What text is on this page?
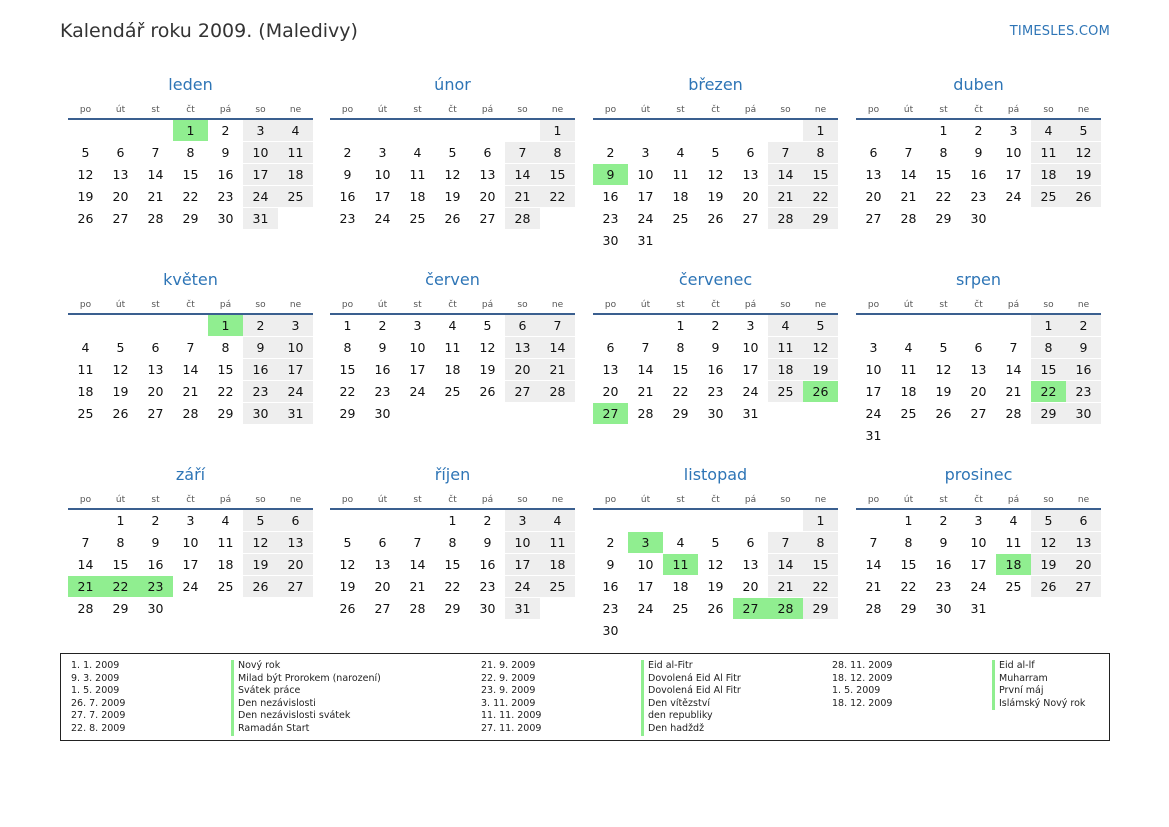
Kalendář roku 2009. (Maledivy)	TIMESLES.COM
leden
po	út	st	čt	pá	so	ne
			1	2	3	4
5	6	7	8	9	10	11
12	13	14	15	16	17	18
19	20	21	22	23	24	25
26	27	28	29	30	31	
únor
po	út	st	čt	pá	so	ne
						1
2	3	4	5	6	7	8
9	10	11	12	13	14	15
16	17	18	19	20	21	22
23	24	25	26	27	28	
březen
po	út	st	čt	pá	so	ne
						1
2	3	4	5	6	7	8
9	10	11	12	13	14	15
16	17	18	19	20	21	22
23	24	25	26	27	28	29
30	31					
duben
po	út	st	čt	pá	so	ne
		1	2	3	4	5
6	7	8	9	10	11	12
13	14	15	16	17	18	19
20	21	22	23	24	25	26
27	28	29	30			
květen
po	út	st	čt	pá	so	ne
				1	2	3
4	5	6	7	8	9	10
11	12	13	14	15	16	17
18	19	20	21	22	23	24
25	26	27	28	29	30	31
červen
po	út	st	čt	pá	so	ne
1	2	3	4	5	6	7
8	9	10	11	12	13	14
15	16	17	18	19	20	21
22	23	24	25	26	27	28
29	30					
červenec
po	út	st	čt	pá	so	ne
		1	2	3	4	5
6	7	8	9	10	11	12
13	14	15	16	17	18	19
20	21	22	23	24	25	26
27	28	29	30	31		
srpen
po	út	st	čt	pá	so	ne
					1	2
3	4	5	6	7	8	9
10	11	12	13	14	15	16
17	18	19	20	21	22	23
24	25	26	27	28	29	30
31						
září
po	út	st	čt	pá	so	ne
	1	2	3	4	5	6
7	8	9	10	11	12	13
14	15	16	17	18	19	20
21	22	23	24	25	26	27
28	29	30				
říjen
po	út	st	čt	pá	so	ne
			1	2	3	4
5	6	7	8	9	10	11
12	13	14	15	16	17	18
19	20	21	22	23	24	25
26	27	28	29	30	31	
listopad
po	út	st	čt	pá	so	ne
						1
2	3	4	5	6	7	8
9	10	11	12	13	14	15
16	17	18	19	20	21	22
23	24	25	26	27	28	29
30						
prosinec
po	út	st	čt	pá	so	ne
	1	2	3	4	5	6
7	8	9	10	11	12	13
14	15	16	17	18	19	20
21	22	23	24	25	26	27
28	29	30	31			
1. 1. 2009	Nový rok
9. 3. 2009	Milad být Prorokem (narození)
1. 5. 2009	Svátek práce
26. 7. 2009	Den nezávislosti
27. 7. 2009	Den nezávislosti svátek
22. 8. 2009	Ramadán Start
21. 9. 2009	Eid al-Fitr
22. 9. 2009	Dovolená Eid Al Fitr
23. 9. 2009	Dovolená Eid Al Fitr
3. 11. 2009	Den vítězství
11. 11. 2009	den republiky
27. 11. 2009	Den hadždž
28. 11. 2009	Eid al-lf
18. 12. 2009	Muharram
1. 5. 2009	První máj
18. 12. 2009	Islámský Nový rok
